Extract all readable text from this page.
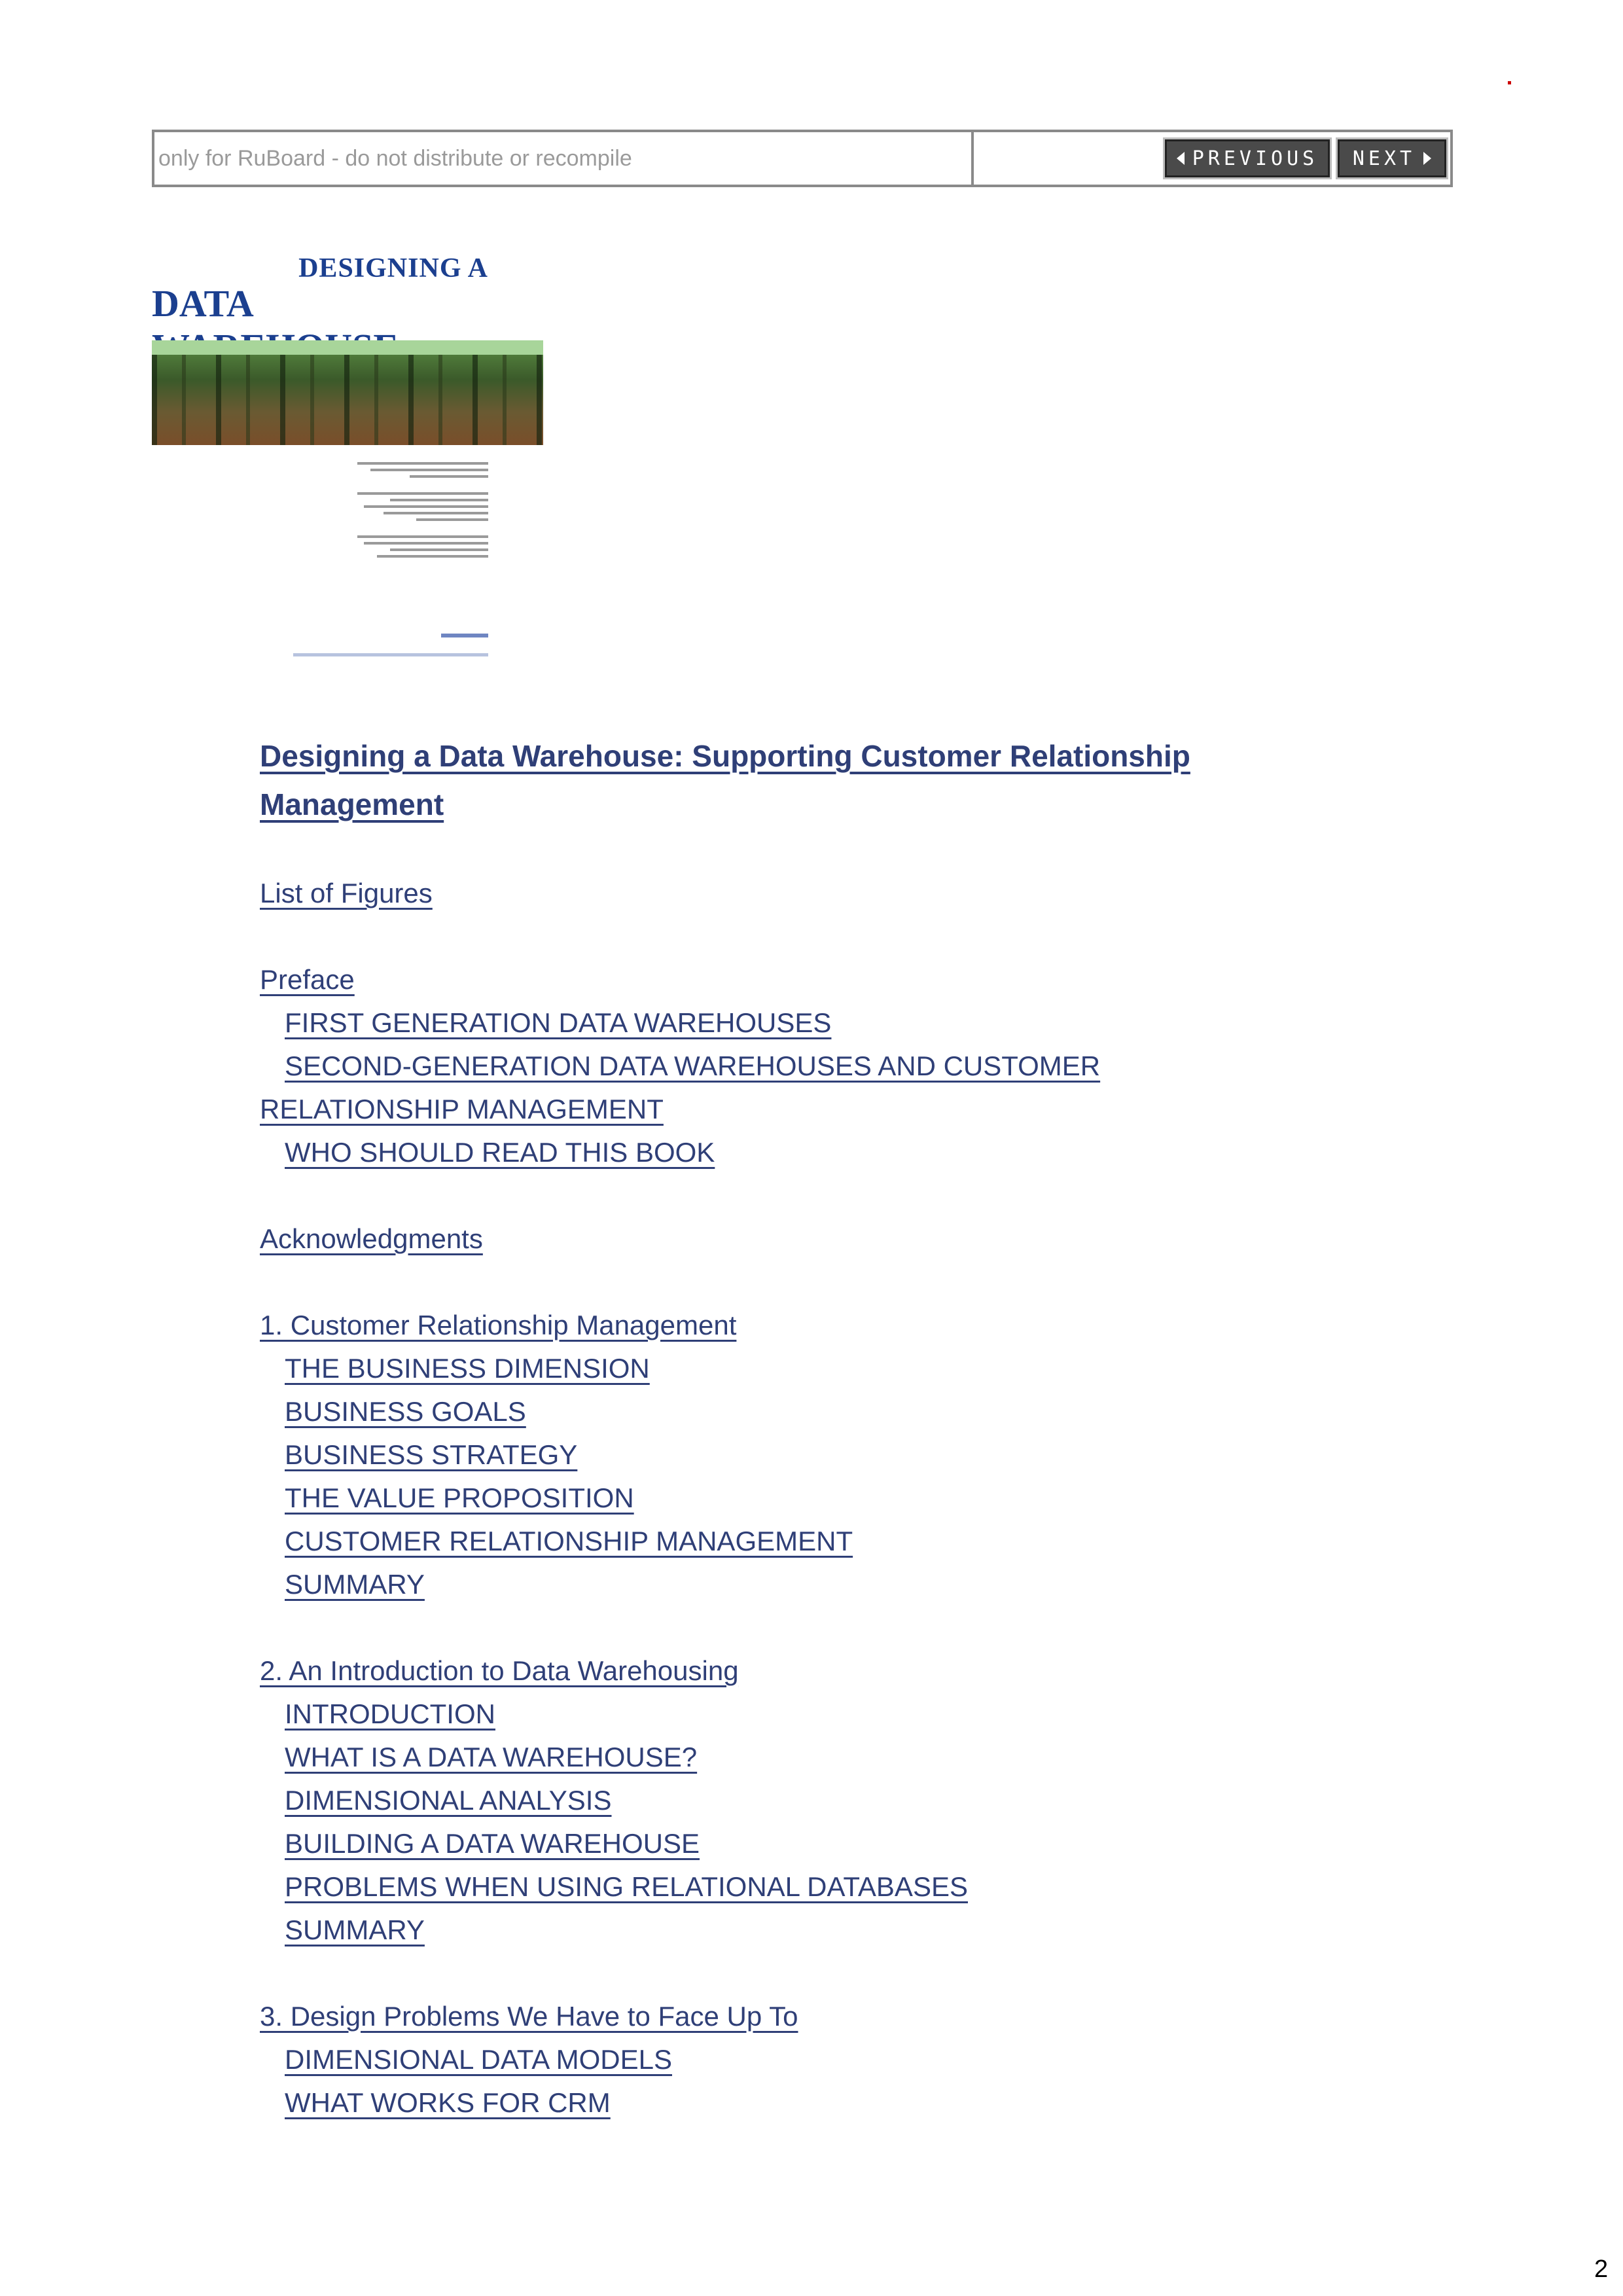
only for RuBoard - do not distribute or recompile	PREVIOUS NEXT
DESIGNING A
DATA
Designing a Data Warehouse: Supporting Customer Relationship Management
List of Figures
Preface
FIRST GENERATION DATA WAREHOUSES
SECOND-GENERATION DATA WAREHOUSES AND CUSTOMER
RELATIONSHIP MANAGEMENT
WHO SHOULD READ THIS BOOK
Acknowledgments
1. Customer Relationship Management
THE BUSINESS DIMENSION
BUSINESS GOALS
BUSINESS STRATEGY
THE VALUE PROPOSITION
CUSTOMER RELATIONSHIP MANAGEMENT
SUMMARY
2. An Introduction to Data Warehousing
INTRODUCTION
WHAT IS A DATA WAREHOUSE?
DIMENSIONAL ANALYSIS
BUILDING A DATA WAREHOUSE
PROBLEMS WHEN USING RELATIONAL DATABASES
SUMMARY
3. Design Problems We Have to Face Up To
DIMENSIONAL DATA MODELS
WHAT WORKS FOR CRM
2
